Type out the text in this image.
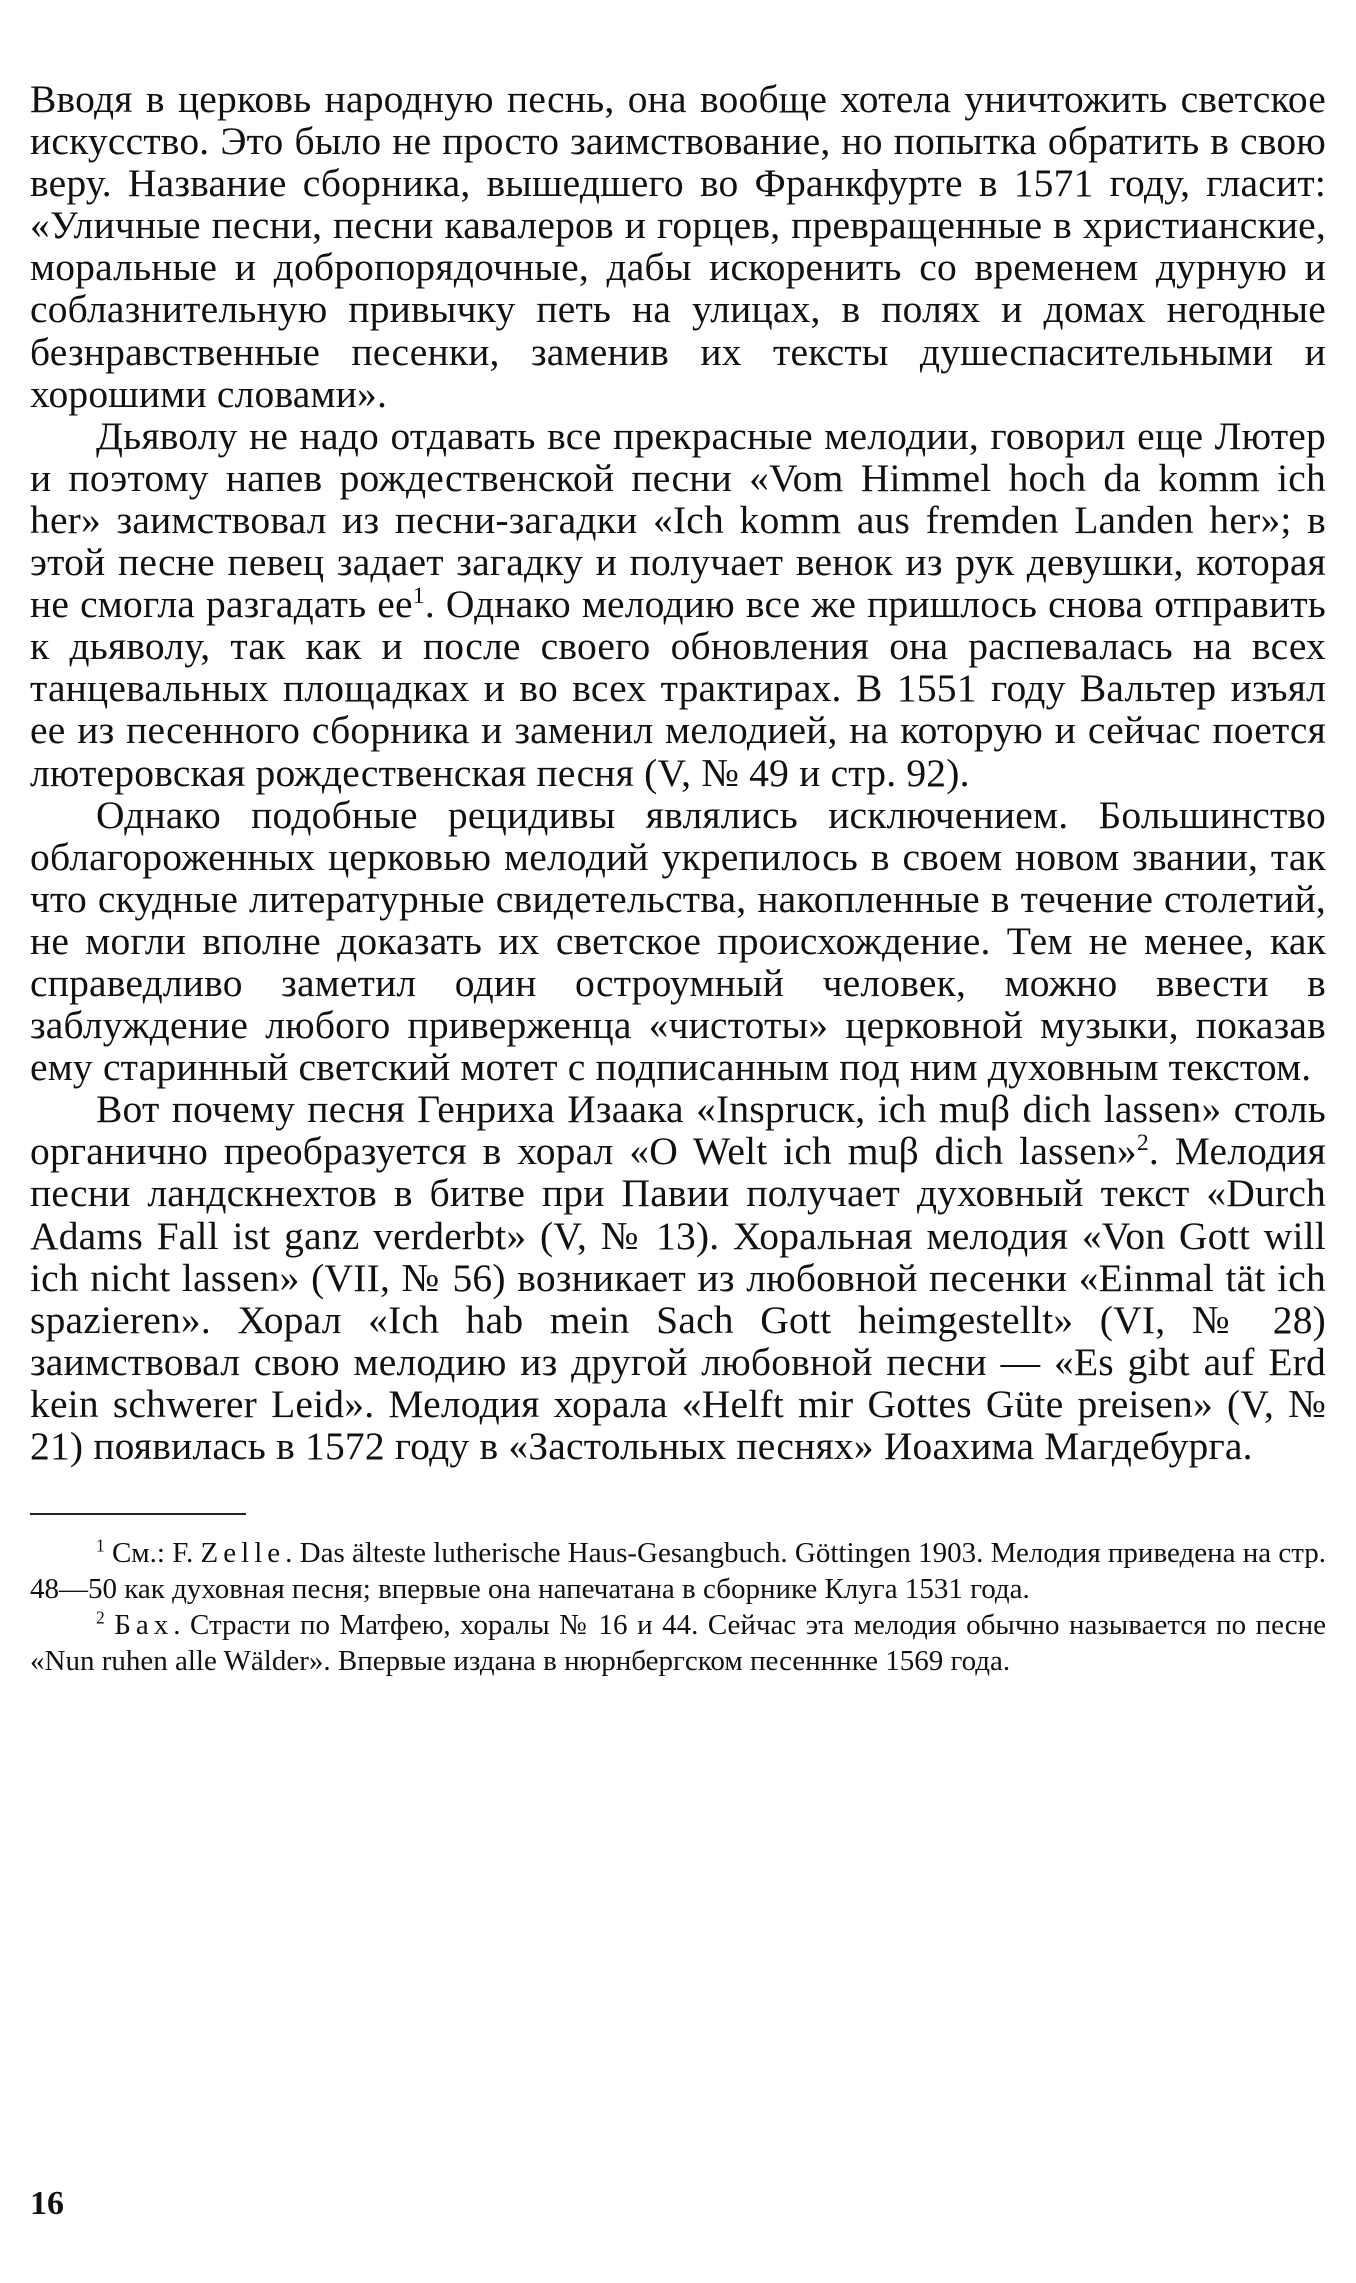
Вводя в церковь народную песнь, она вообще хотела уничтожить светское искусство. Это было не просто заимствование, но попытка обратить в свою веру. Название сборника, вышедшего во Франкфурте в 1571 году, гласит: «Уличные песни, песни кавалеров и горцев, превращенные в христианские, моральные и добропорядочные, дабы искоренить со временем дурную и соблазнительную привычку петь на улицах, в полях и домах негодные безнравственные песенки, заменив их тексты душеспасительными и хорошими словами».

Дьяволу не надо отдавать все прекрасные мелодии, говорил еще Лютер и поэтому напев рождественской песни «Vom Himmel hoch da komm ich her» заимствовал из песни-загадки «Ich komm aus fremden Landen her»; в этой песне певец задает загадку и получает венок из рук девушки, которая не смогла разгадать $ее^1$. Однако мелодию все же пришлось снова отправить к дьяволу, так как и после своего обновления она распевалась на всех танцевальных площадках и во всех трактирах. В 1551 году Вальтер изъял ее из песенного сборника и заменил мелодией, на которую и сейчас поется лютеровская рождественская песня (V, № 49 и стр. 92).

Однако подобные рецидивы являлись исключением. Большинство облагороженных церковью мелодий укрепилось в своем новом звании, так что скудные литературные свидетельства, накопленные в течение столетий, не могли вполне доказать их светское происхождение. Тем не менее, как справедливо заметил один остроумный человек, можно ввести в заблуждение любого приверженца «чистоты» церковной музыки, показав ему старинный светский мотет с подписанным под ним духовным текстом.

Вот почему песня Генриха Изаака «Insprucк, ich muβ dich lassen» столь органично преобразуется в хорал «O Welt ich muβ dich lassen»$^2$. Мелодия песни ландскнехтов в битве при Павии получает духовный текст «Durch Adams Fall ist ganz verderbt» (V, № 13). Хоральная мелодия «Von Gott will ich nicht lassen» (VII, № 56) возникает из любовной песенки «Einmal tät ich spazieren». Хорал «Ich hab mein Sach Gott heimgestellt» (VI, № 28) заимствовал свою мелодию из другой любовной песни — «Es gibt auf Erd kein schwerer Leid». Мелодия хорала «Helft mir Gottes Güte preisen» (V, № 21) появилась в 1572 году в «Застольных песнях» Иоахима Магдебурга.

$^1$ См.: F. Zelle. Das älteste lutherische Haus-Gesangbuch. Göttingen 1903. Мелодия приведена на стр. 48—50 как духовная песня; впервые она напечатана в сборнике Клуга 1531 года.

$^2$ Бах. Страсти по Матфею, хоралы № 16 и 44. Сейчас эта мелодия обычно называется по песне «Nun ruhen alle Wälder». Впервые издана в нюрнбергском песенннке 1569 года.

16
